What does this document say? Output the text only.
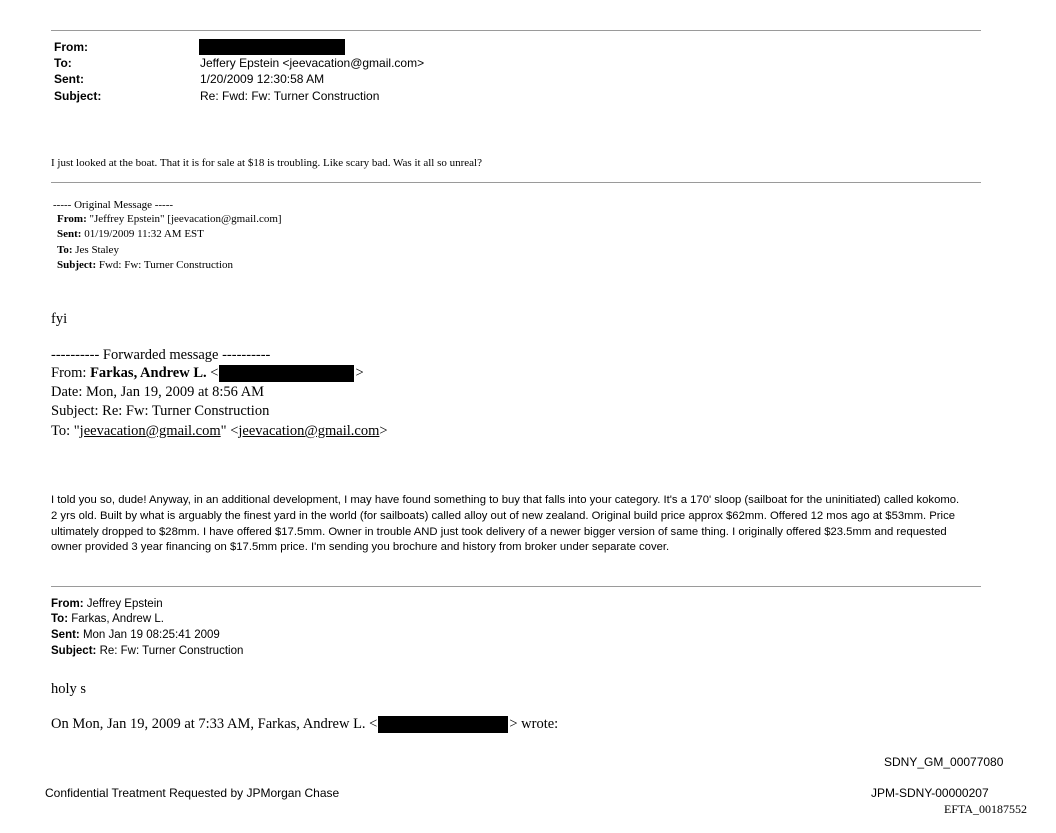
From:
To:	Jeffery Epstein <jeevacation@gmail.com>
Sent:	1/20/2009 12:30:58 AM
Subject:	Re: Fwd: Fw: Turner Construction
I just looked at the boat. That it is for sale at $18 is troubling. Like scary bad. Was it all so unreal?
----- Original Message -----
From: "Jeffrey Epstein" [jeevacation@gmail.com]
Sent: 01/19/2009 11:32 AM EST
To: Jes Staley
Subject: Fwd: Fw: Turner Construction
fyi
---------- Forwarded message ----------
From: Farkas, Andrew L. <	>
Date: Mon, Jan 19, 2009 at 8:56 AM
Subject: Re: Fw: Turner Construction
To: "jeevacation@gmail.com" <jeevacation@gmail.com>
I told you so, dude! Anyway, in an additional development, I may have found something to buy that falls into your category. It's a 170' sloop (sailboat for the uninitiated) called kokomo. 2 yrs old. Built by what is arguably the finest yard in the world (for sailboats) called alloy out of new zealand. Original build price approx $62mm. Offered 12 mos ago at $53mm. Price ultimately dropped to $28mm. I have offered $17.5mm. Owner in trouble AND just took delivery of a newer bigger version of same thing. I originally offered $23.5mm and requested owner provided 3 year financing on $17.5mm price. I'm sending you brochure and history from broker under separate cover.
From: Jeffrey Epstein
To: Farkas, Andrew L.
Sent: Mon Jan 19 08:25:41 2009
Subject: Re: Fw: Turner Construction
holy s
On Mon, Jan 19, 2009 at 7:33 AM, Farkas, Andrew L. <	> wrote:
SDNY_GM_00077080
Confidential Treatment Requested by JPMorgan Chase	JPM-SDNY-00000207
EFTA_00187552
